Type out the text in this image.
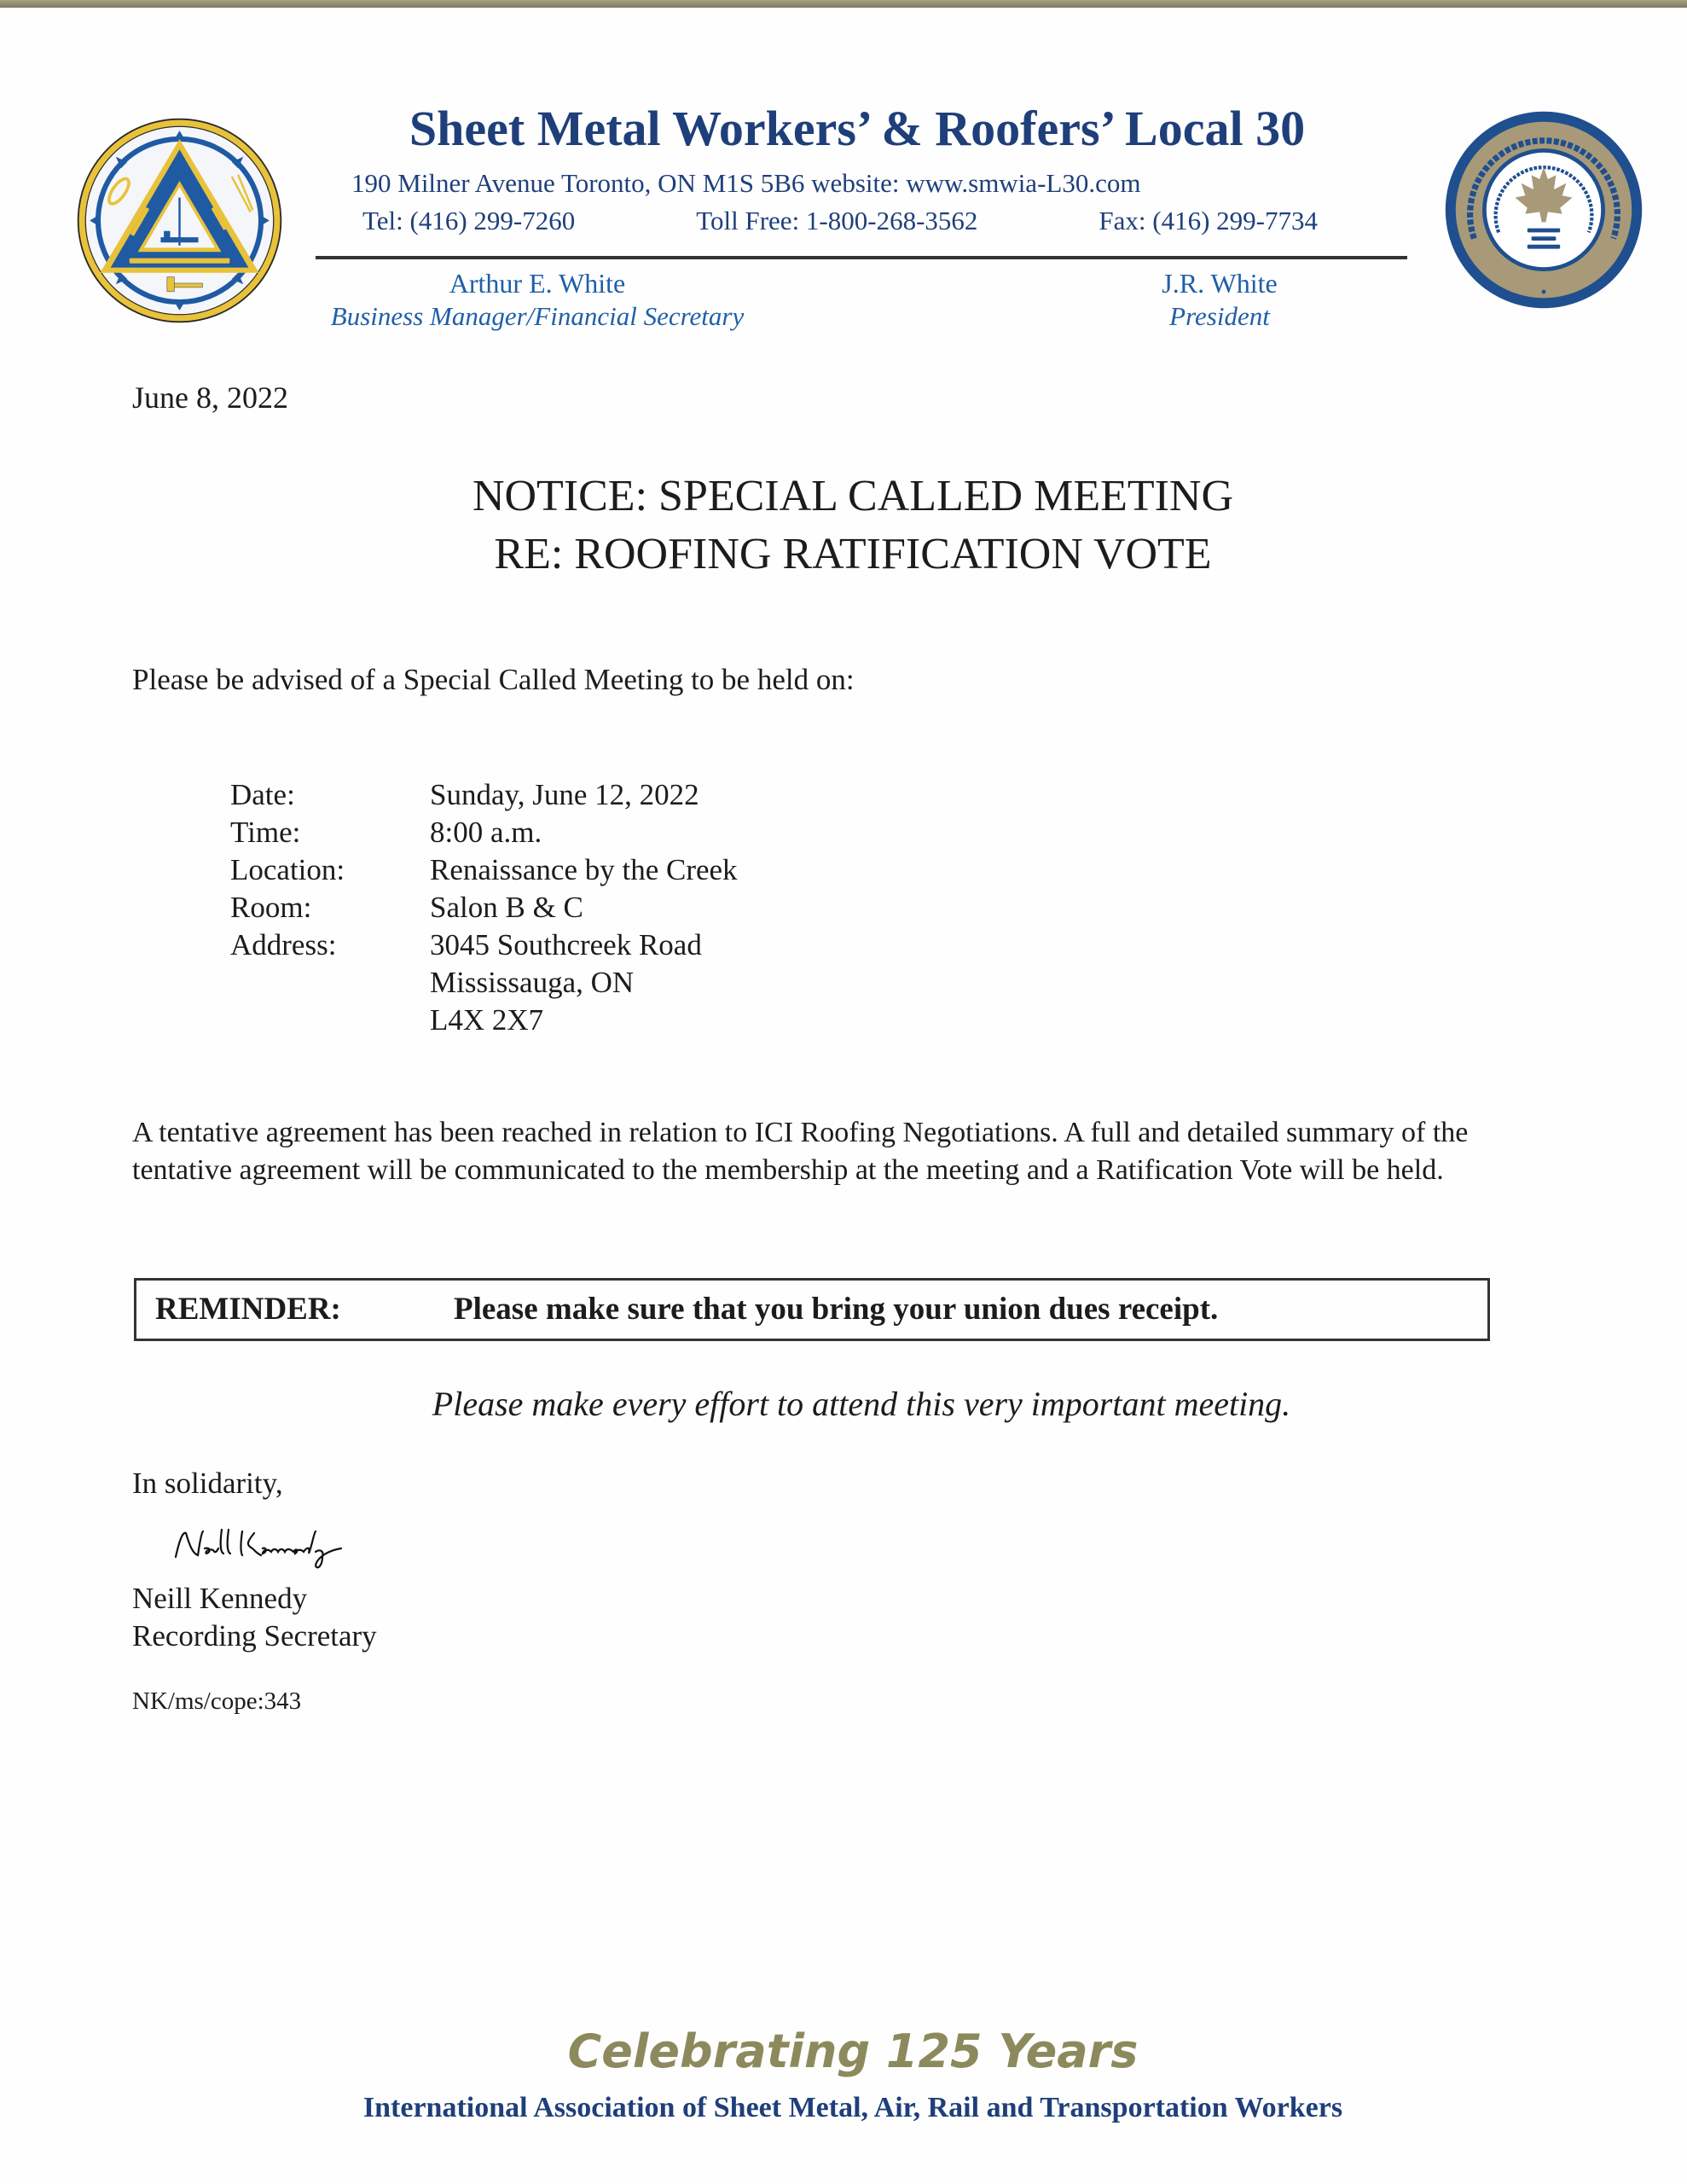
Sheet Metal Workers’ & Roofers’ Local 30
190 Milner Avenue Toronto, ON M1S 5B6 website: www.smwia-L30.com
Tel: (416) 299-7260	Toll Free: 1-800-268-3562	Fax: (416) 299-7734
Arthur E. White
Business Manager/Financial Secretary
J.R. White
President
June 8, 2022
NOTICE: SPECIAL CALLED MEETING
RE: ROOFING RATIFICATION VOTE
Please be advised of a Special Called Meeting to be held on:
Date:	Sunday, June 12, 2022
Time:	8:00 a.m.
Location:	Renaissance by the Creek
Room:	Salon B & C
Address:	3045 Southcreek Road
Mississauga, ON
L4X 2X7
A tentative agreement has been reached in relation to ICI Roofing Negotiations. A full and detailed summary of the tentative agreement will be communicated to the membership at the meeting and a Ratification Vote will be held.
REMINDER:	Please make sure that you bring your union dues receipt.
Please make every effort to attend this very important meeting.
In solidarity,
Neill Kennedy
Recording Secretary
NK/ms/cope:343
Celebrating 125 Years
International Association of Sheet Metal, Air, Rail and Transportation Workers
